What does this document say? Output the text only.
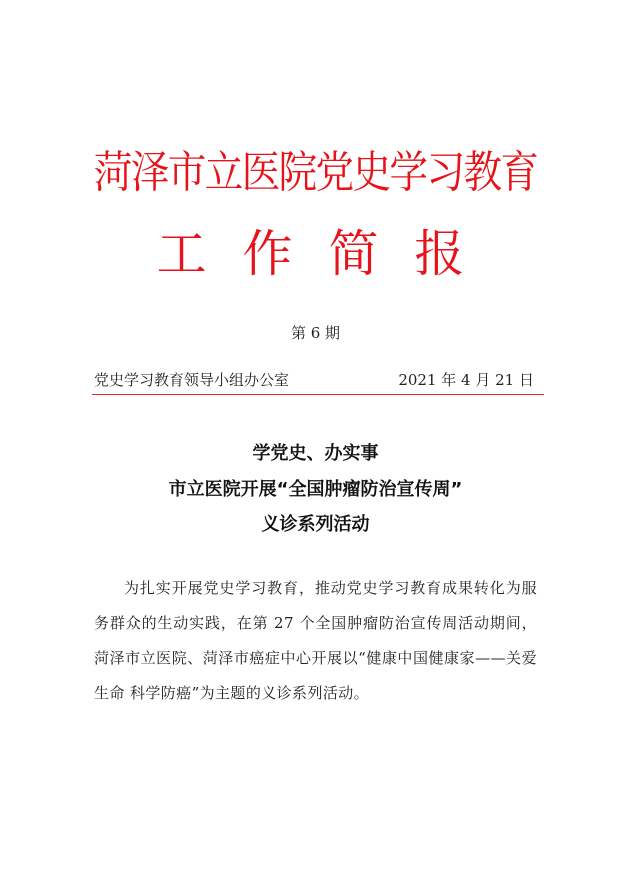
菏泽市立医院党史学习教育
工 作 简 报
第 6 期
党史学习教育领导小组办公室	2021 年 4 月 21 日
学党史、办实事
市立医院开展“全国肿瘤防治宣传周”
义诊系列活动

为扎实开展党史学习教育，推动党史学习教育成果转化为服务群众的生动实践，在第 27 个全国肿瘤防治宣传周活动期间，菏泽市立医院、菏泽市癌症中心开展以“健康中国健康家——关爱生命 科学防癌”为主题的义诊系列活动。
